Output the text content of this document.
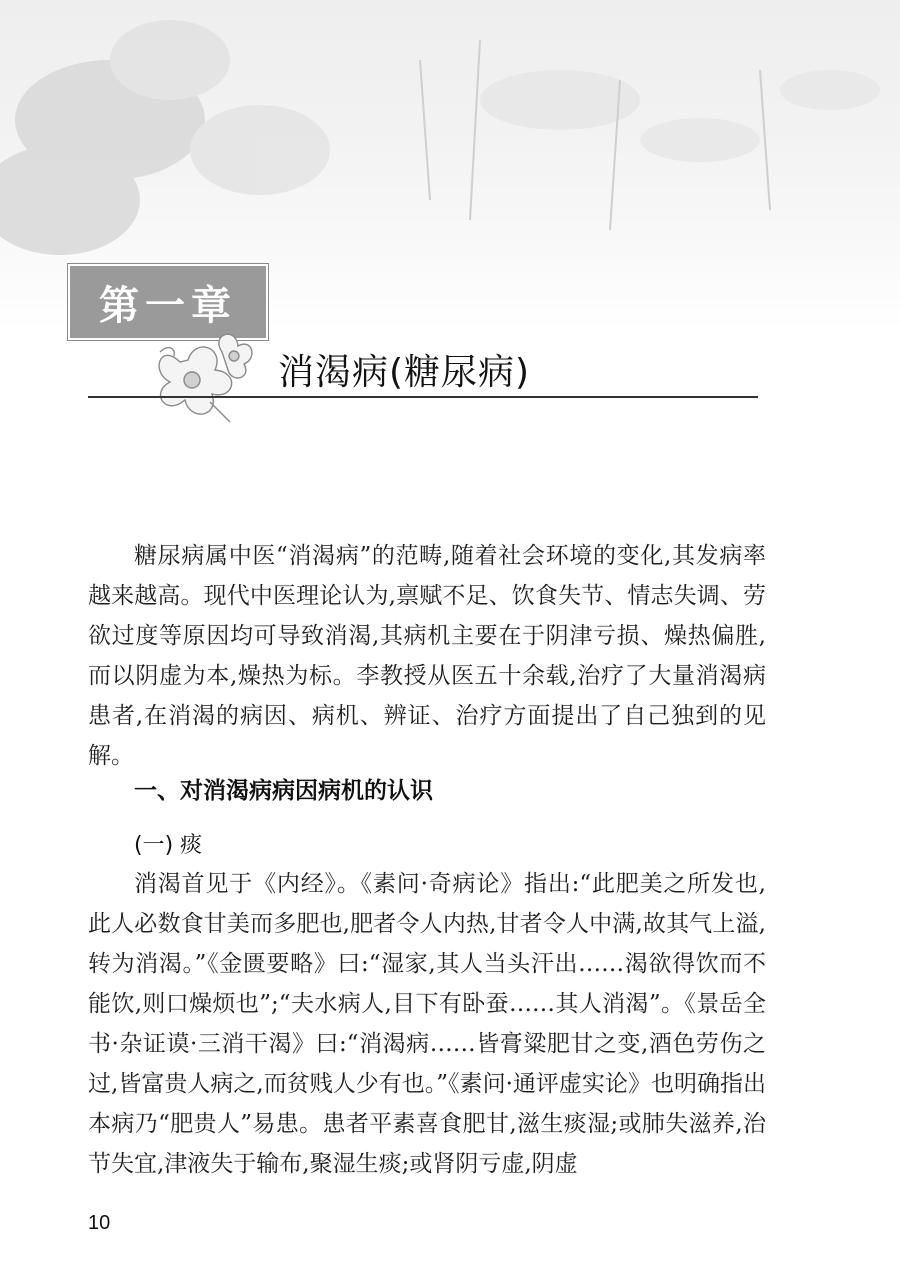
第一章
消渴病(糖尿病)

糖尿病属中医“消渴病”的范畴,随着社会环境的变化,其发病率越来越高。现代中医理论认为,禀赋不足、饮食失节、情志失调、劳欲过度等原因均可导致消渴,其病机主要在于阴津亏损、燥热偏胜,而以阴虚为本,燥热为标。李教授从医五十余载,治疗了大量消渴病患者,在消渴的病因、病机、辨证、治疗方面提出了自己独到的见解。

一、对消渴病病因病机的认识
(一) 痰

消渴首见于《内经》。《素问·奇病论》指出:“此肥美之所发也,此人必数食甘美而多肥也,肥者令人内热,甘者令人中满,故其气上溢,转为消渴。”《金匮要略》曰:“湿家,其人当头汗出……渴欲得饮而不能饮,则口燥烦也”;“夫水病人,目下有卧蚕……其人消渴”。《景岳全书·杂证谟·三消干渴》曰:“消渴病……皆膏粱肥甘之变,酒色劳伤之过,皆富贵人病之,而贫贱人少有也。”《素问·通评虚实论》也明确指出本病乃“肥贵人”易患。患者平素喜食肥甘,滋生痰湿;或肺失滋养,治节失宜,津液失于输布,聚湿生痰;或肾阴亏虚,阴虚

10
